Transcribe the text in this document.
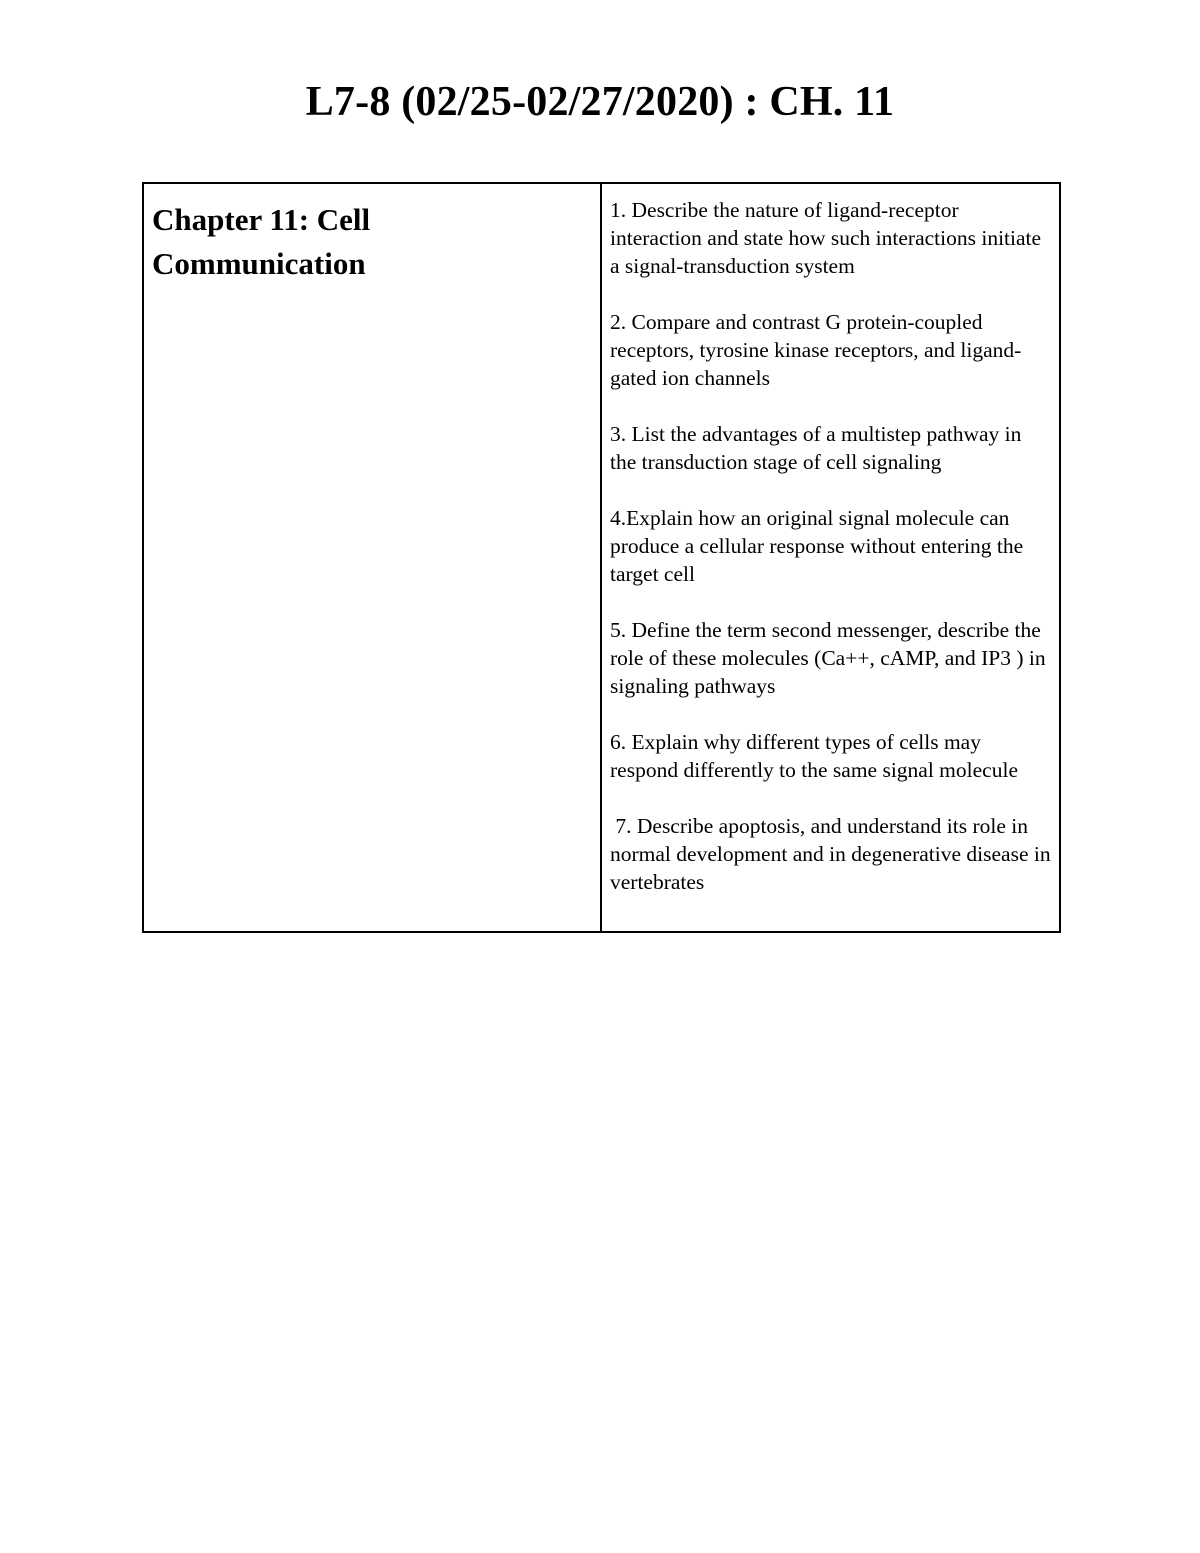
L7-8 (02/25-02/27/2020) : CH. 11

Chapter 11: Cell
Communication

1. Describe the nature of ligand-receptor interaction and state how such interactions initiate a signal-transduction system

2. Compare and contrast G protein-coupled receptors, tyrosine kinase receptors, and ligand-gated ion channels

3. List the advantages of a multistep pathway in the transduction stage of cell signaling

4.Explain how an original signal molecule can produce a cellular response without entering the target cell

5. Define the term second messenger, describe the role of these molecules (Ca++, cAMP, and IP3 ) in signaling pathways

6. Explain why different types of cells may respond differently to the same signal molecule

7. Describe apoptosis, and understand its role in normal development and in degenerative disease in vertebrates
